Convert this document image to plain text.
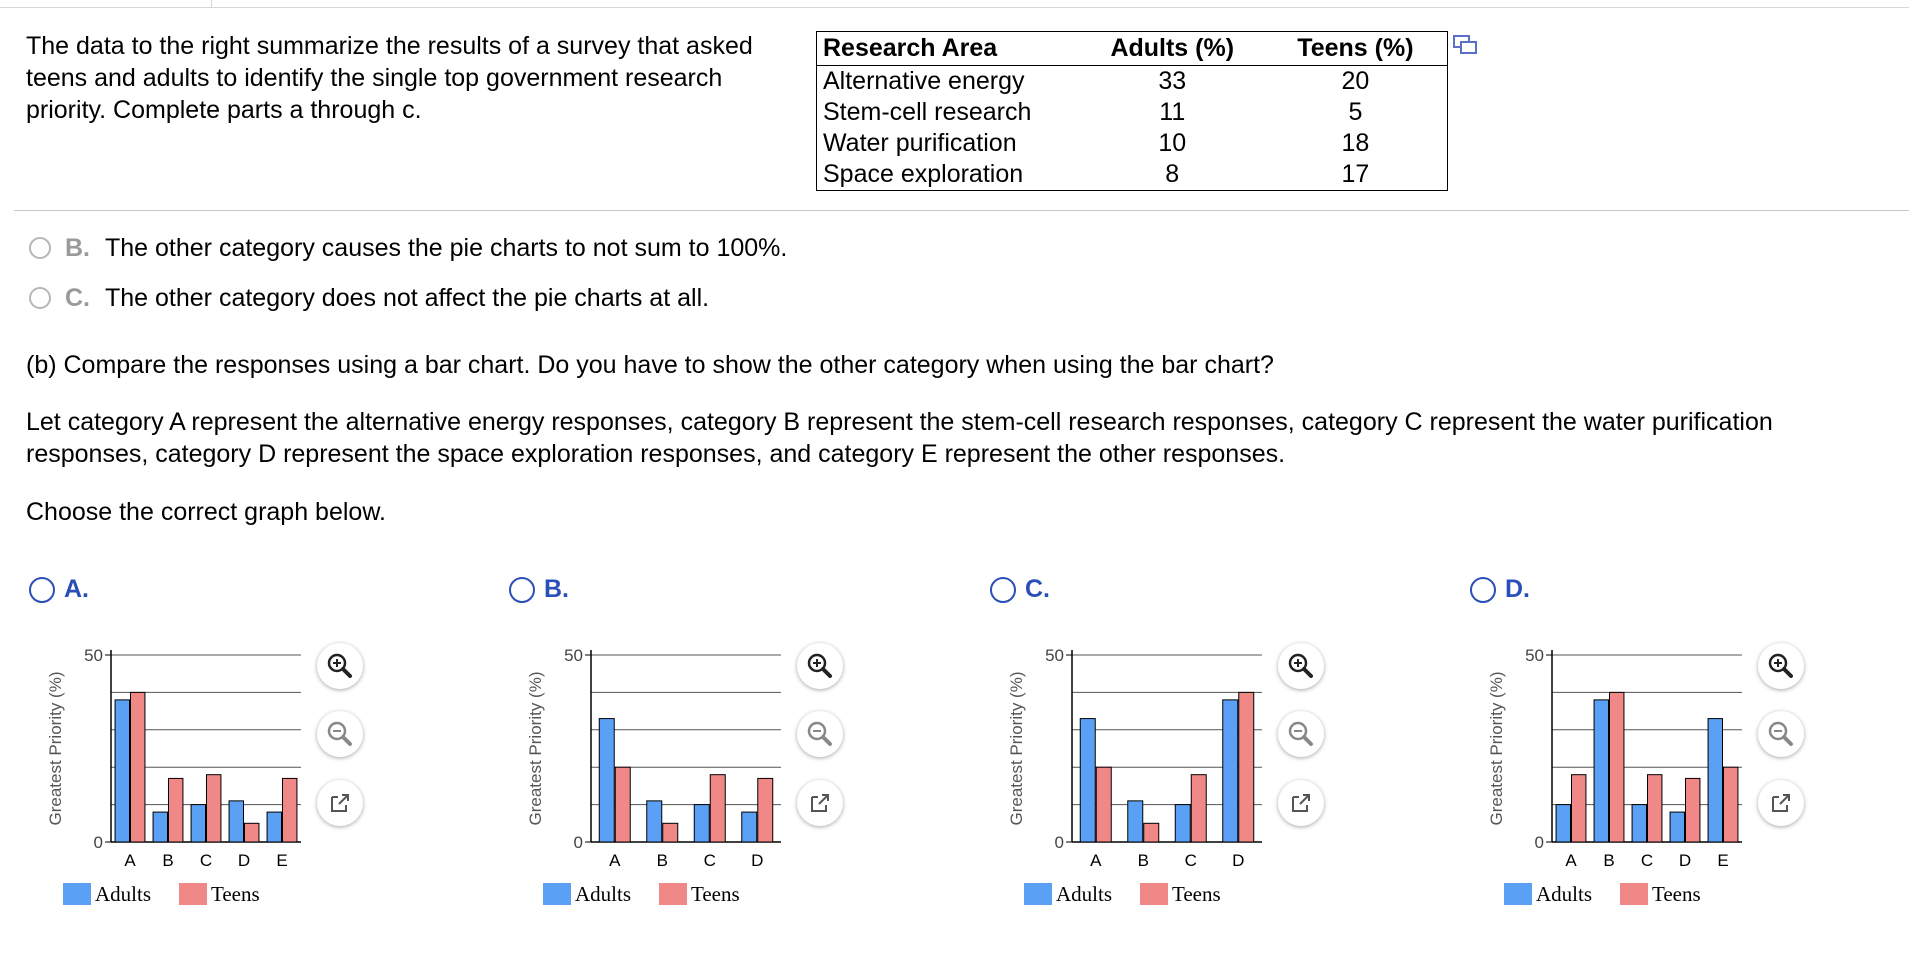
The data to the right summarize the results of a survey that asked teens and adults to identify the single top government research priority. Complete parts a through c.
Research Area	Adults (%)	Teens (%)
Alternative energy	33	20
Stem-cell research	11	5
Water purification	10	18
Space exploration	8	17
B. The other category causes the pie charts to not sum to 100%.
C. The other category does not affect the pie charts at all.
(b) Compare the responses using a bar chart. Do you have to show the other category when using the bar chart?
Let category A represent the alternative energy responses, category B represent the stem-cell research responses, category C represent the water purification responses, category D represent the space exploration responses, and category E represent the other responses.
Choose the correct graph below.
A.
0
50
Greatest Priority (%)
A B C D E
Adults	Teens
B.
0
50
Greatest Priority (%)
A B C D
Adults	Teens
C.
0
50
Greatest Priority (%)
A B C D
Adults	Teens
D.
0
50
Greatest Priority (%)
A B C D E
Adults	Teens
